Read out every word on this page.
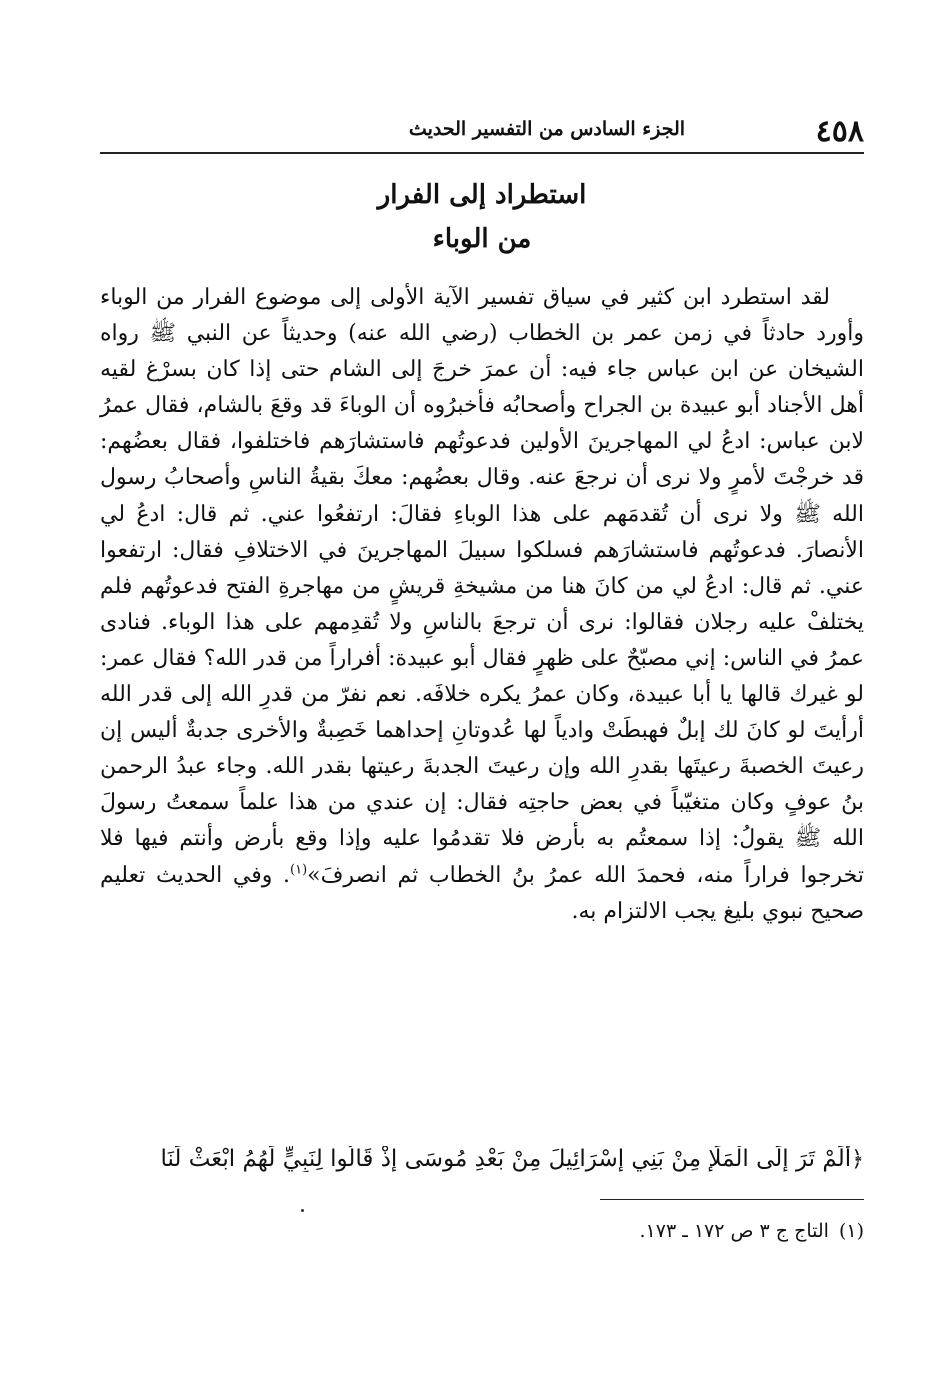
٤٥٨
الجزء السادس من التفسير الحديث
استطراد إلى الفرار
من الوباء
لقد استطرد ابن كثير في سياق تفسير الآية الأولى إلى موضوع الفرار من الوباء وأورد حادثاً في زمن عمر بن الخطاب (رضي الله عنه) وحديثاً عن النبي ﷺ رواه الشيخان عن ابن عباس جاء فيه: أن عمرَ خرجَ إلى الشام حتى إذا كان بسرْغ لقيه أهل الأجناد أبو عبيدة بن الجراح وأصحابُه فأخبرُوه أن الوباءَ قد وقعَ بالشام، فقال عمرُ لابن عباس: ادعُ لي المهاجرينَ الأولين فدعوتُهم فاستشارَهم فاختلفوا، فقال بعضُهم: قد خرجْتَ لأمرٍ ولا نرى أن نرجعَ عنه. وقال بعضُهم: معكَ بقيةُ الناسِ وأصحابُ رسول الله ﷺ ولا نرى أن تُقدمَهم على هذا الوباءِ فقالَ: ارتفعُوا عني. ثم قال: ادعُ لي الأنصارَ. فدعوتُهم فاستشارَهم فسلكوا سبيلَ المهاجرينَ في الاختلافِ فقال: ارتفعوا عني. ثم قال: ادعُ لي من كانَ هنا من مشيخةِ قريشٍ من مهاجرةِ الفتح فدعوتُهم فلم يختلفْ عليه رجلان فقالوا: نرى أن ترجعَ بالناسِ ولا تُقدِمهم على هذا الوباء. فنادى عمرُ في الناس: إني مصبّحٌ على ظهرٍ فقال أبو عبيدة: أفراراً من قدر الله؟ فقال عمر: لو غيرك قالها يا أبا عبيدة، وكان عمرُ يكره خلافَه. نعم نفرّ من قدرِ الله إلى قدر الله أرأيتَ لو كانَ لك إبلٌ فهبطَتْ وادياً لها عُدوتانِ إحداهما خَصِبةٌ والأخرى جدبةٌ أليس إن رعيتَ الخصبةَ رعيتَها بقدرِ الله وإن رعيتَ الجدبةَ رعيتها بقدر الله. وجاء عبدُ الرحمن بنُ عوفٍ وكان متغيّباً في بعض حاجتِه فقال: إن عندي من هذا علماً سمعتُ رسولَ الله ﷺ يقولُ: إذا سمعتُم به بأرض فلا تقدمُوا عليه وإذا وقع بأرض وأنتم فيها فلا تخرجوا فراراً منه، فحمدَ الله عمرُ بنُ الخطاب ثم انصرفَ»$^{(١)}$. وفي الحديث تعليم صحيح نبوي بليغ يجب الالتزام به.
﴿أَلَمْ تَرَ إِلَى الْمَلَإِ مِنْ بَنِي إِسْرَائِيلَ مِنْ بَعْدِ مُوسَى إِذْ قَالُوا لِنَبِيٍّ لَهُمُ ابْعَثْ لَنَا
(١)التاج ج ٣ ص ١٧٢ ـ ١٧٣.
